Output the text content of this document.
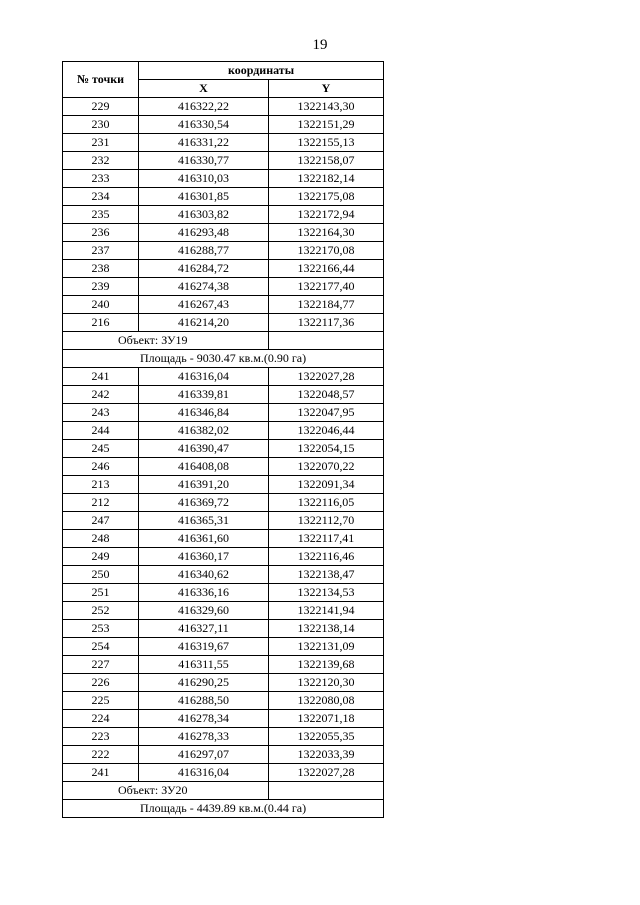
19
№ точки	координаты	
	X	Y
229	416322,22	1322143,30
230	416330,54	1322151,29
231	416331,22	1322155,13
232	416330,77	1322158,07
233	416310,03	1322182,14
234	416301,85	1322175,08
235	416303,82	1322172,94
236	416293,48	1322164,30
237	416288,77	1322170,08
238	416284,72	1322166,44
239	416274,38	1322177,40
240	416267,43	1322184,77
216	416214,20	1322117,36
Объект: ЗУ19		
Площадь - 9030.47 кв.м.(0.90 га)		
241	416316,04	1322027,28
242	416339,81	1322048,57
243	416346,84	1322047,95
244	416382,02	1322046,44
245	416390,47	1322054,15
246	416408,08	1322070,22
213	416391,20	1322091,34
212	416369,72	1322116,05
247	416365,31	1322112,70
248	416361,60	1322117,41
249	416360,17	1322116,46
250	416340,62	1322138,47
251	416336,16	1322134,53
252	416329,60	1322141,94
253	416327,11	1322138,14
254	416319,67	1322131,09
227	416311,55	1322139,68
226	416290,25	1322120,30
225	416288,50	1322080,08
224	416278,34	1322071,18
223	416278,33	1322055,35
222	416297,07	1322033,39
241	416316,04	1322027,28
Объект: ЗУ20		
Площадь - 4439.89 кв.м.(0.44 га)		
